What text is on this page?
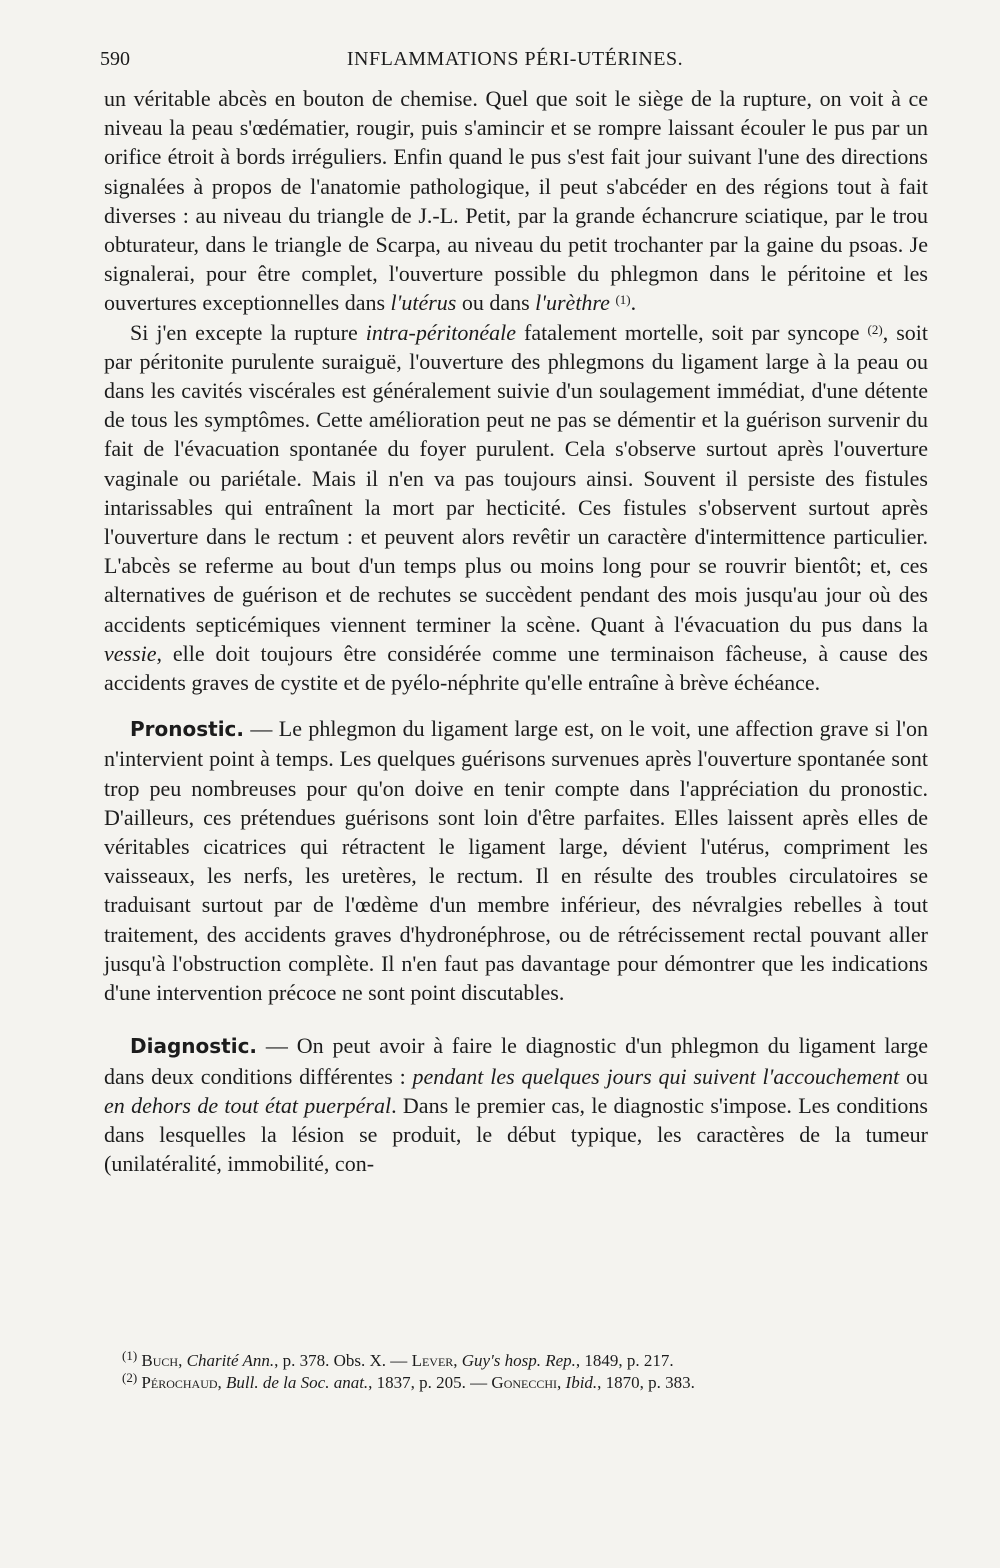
590	INFLAMMATIONS PÉRI-UTÉRINES.

un véritable abcès en bouton de chemise. Quel que soit le siège de la rupture, on voit à ce niveau la peau s'œdématier, rougir, puis s'amincir et se rompre laissant écouler le pus par un orifice étroit à bords irréguliers. Enfin quand le pus s'est fait jour suivant l'une des directions signalées à propos de l'anatomie pathologique, il peut s'abcéder en des régions tout à fait diverses : au niveau du triangle de J.-L. Petit, par la grande échancrure sciatique, par le trou obturateur, dans le triangle de Scarpa, au niveau du petit trochanter par la gaine du psoas. Je signalerai, pour être complet, l'ouverture possible du phlegmon dans le péritoine et les ouvertures exceptionnelles dans l'utérus ou dans l'urèthre $^{(1)}$.

Si j'en excepte la rupture intra-péritonéale fatalement mortelle, soit par syncope $^{(2)}$, soit par péritonite purulente suraiguë, l'ouverture des phlegmons du ligament large à la peau ou dans les cavités viscérales est généralement suivie d'un soulagement immédiat, d'une détente de tous les symptômes. Cette amélioration peut ne pas se démentir et la guérison survenir du fait de l'évacuation spontanée du foyer purulent. Cela s'observe surtout après l'ouverture vaginale ou pariétale. Mais il n'en va pas toujours ainsi. Souvent il persiste des fistules intarissables qui entraînent la mort par hecticité. Ces fistules s'observent surtout après l'ouverture dans le rectum : et peuvent alors revêtir un caractère d'intermittence particulier. L'abcès se referme au bout d'un temps plus ou moins long pour se rouvrir bientôt; et, ces alternatives de guérison et de rechutes se succèdent pendant des mois jusqu'au jour où des accidents septicémiques viennent terminer la scène. Quant à l'évacuation du pus dans la vessie, elle doit toujours être considérée comme une terminaison fâcheuse, à cause des accidents graves de cystite et de pyélo-néphrite qu'elle entraîne à brève échéance.

Pronostic. — Le phlegmon du ligament large est, on le voit, une affection grave si l'on n'intervient point à temps. Les quelques guérisons survenues après l'ouverture spontanée sont trop peu nombreuses pour qu'on doive en tenir compte dans l'appréciation du pronostic. D'ailleurs, ces prétendues guérisons sont loin d'être parfaites. Elles laissent après elles de véritables cicatrices qui rétractent le ligament large, dévient l'utérus, compriment les vaisseaux, les nerfs, les uretères, le rectum. Il en résulte des troubles circulatoires se traduisant surtout par de l'œdème d'un membre inférieur, des névralgies rebelles à tout traitement, des accidents graves d'hydronéphrose, ou de rétrécissement rectal pouvant aller jusqu'à l'obstruction complète. Il n'en faut pas davantage pour démontrer que les indications d'une intervention précoce ne sont point discutables.

Diagnostic. — On peut avoir à faire le diagnostic d'un phlegmon du ligament large dans deux conditions différentes : pendant les quelques jours qui suivent l'accouchement ou en dehors de tout état puerpéral. Dans le premier cas, le diagnostic s'impose. Les conditions dans lesquelles la lésion se produit, le début typique, les caractères de la tumeur (unilatéralité, immobilité, con-

$^{(1)}$ Buch, Charité Ann., p. 378. Obs. X. — Lever, Guy's hosp. Rep., 1849, p. 217.

$^{(2)}$ Pérochaud, Bull. de la Soc. anat., 1837, p. 205. — Gonecchi, Ibid., 1870, p. 383.
